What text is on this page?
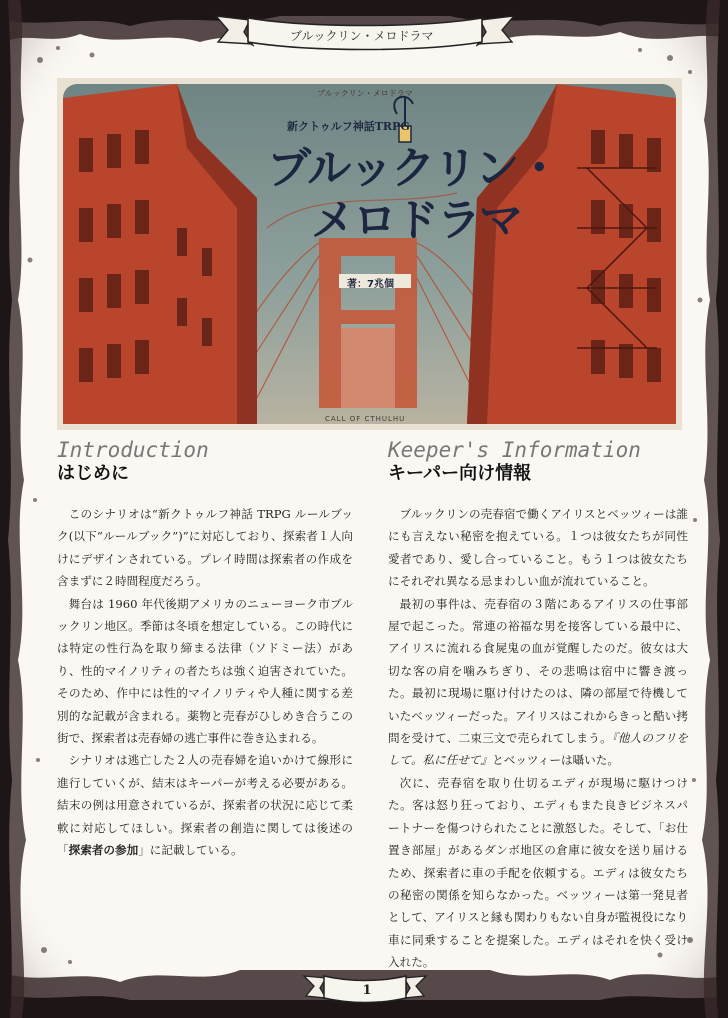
ブルックリン・メロドラマ
ブルックリン・メロドラマ
新クトゥルフ神話TRPG
ブルックリン・
メロドラマ
著：7兆個
CALL OF CTHULHU
Introduction
はじめに

このシナリオは“新クトゥルフ神話 TRPG ルールブック(以下“ルールブック”)”に対応しており、探索者１人向けにデザインされている。プレイ時間は探索者の作成を含まずに２時間程度だろう。

舞台は 1960 年代後期アメリカのニューヨーク市ブルックリン地区。季節は冬頃を想定している。この時代には特定の性行為を取り締まる法律（ソドミー法）があり、性的マイノリティの者たちは強く迫害されていた。そのため、作中には性的マイノリティや人種に関する差別的な記載が含まれる。薬物と売春がひしめき合うこの街で、探索者は売春婦の逃亡事件に巻き込まれる。

シナリオは逃亡した２人の売春婦を追いかけて線形に進行していくが、結末はキーパーが考える必要がある。結末の例は用意されているが、探索者の状況に応じて柔軟に対応してほしい。探索者の創造に関しては後述の「探索者の参加」に記載している。

Keeper's Information
キーパー向け情報

ブルックリンの売春宿で働くアイリスとベッツィーは誰にも言えない秘密を抱えている。１つは彼女たちが同性愛者であり、愛し合っていること。もう１つは彼女たちにそれぞれ異なる忌まわしい血が流れていること。

最初の事件は、売春宿の３階にあるアイリスの仕事部屋で起こった。常連の裕福な男を接客している最中に、アイリスに流れる食屍鬼の血が覚醒したのだ。彼女は大切な客の肩を噛みちぎり、その悲鳴は宿中に響き渡った。最初に現場に駆け付けたのは、隣の部屋で待機していたベッツィーだった。アイリスはこれからきっと酷い拷問を受けて、二束三文で売られてしまう。『他人のフリをして。私に任せて』とベッツィーは囁いた。

次に、売春宿を取り仕切るエディが現場に駆けつけた。客は怒り狂っており、エディもまた良きビジネスパートナーを傷つけられたことに激怒した。そして、「お仕置き部屋」があるダンボ地区の倉庫に彼女を送り届けるため、探索者に車の手配を依頼する。エディは彼女たちの秘密の関係を知らなかった。ベッツィーは第一発見者として、アイリスと縁も関わりもない自身が監視役になり車に同乗することを提案した。エディはそれを快く受け入れた。

1
